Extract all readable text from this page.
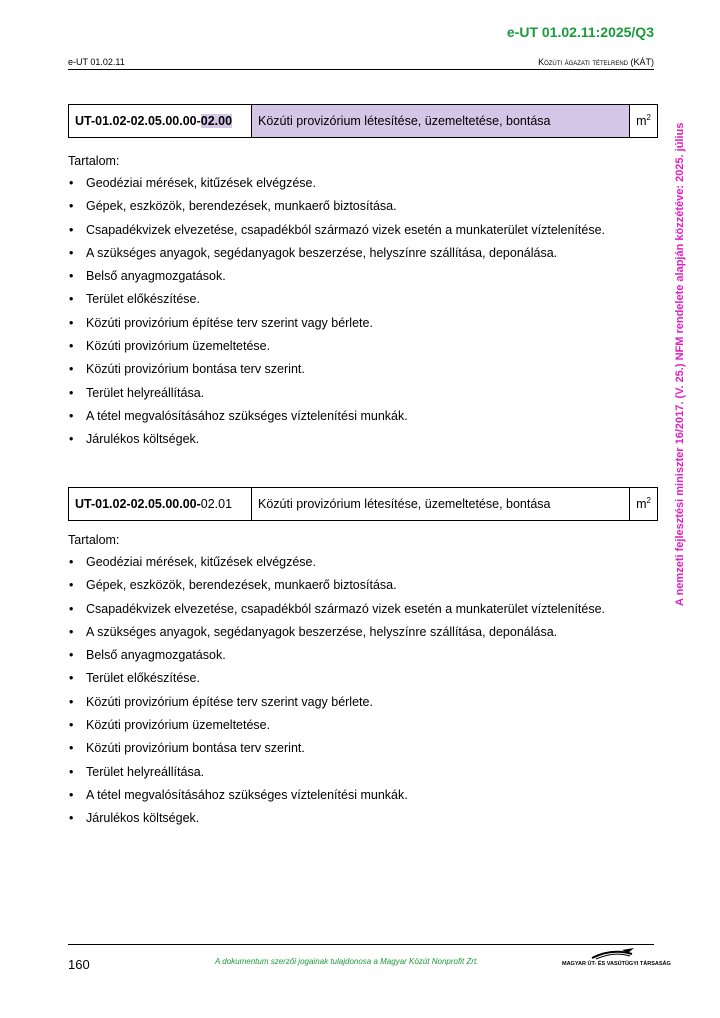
e-UT 01.02.11:2025/Q3
e-UT 01.02.11	Közúti ágazati tételrend (KÁT)
A nemzeti fejlesztési miniszter 16/2017. (V. 25.) NFM rendelete alapján közzétéve: 2025. július
UT-01.02-02.05.00.00-02.00	Közúti provizórium létesítése, üzemeltetése, bontása	$m^2$
Tartalom:
• Geodéziai mérések, kitűzések elvégzése.
• Gépek, eszközök, berendezések, munkaerő biztosítása.
• Csapadékvizek elvezetése, csapadékból származó vizek esetén a munkaterület víztelenítése.
• A szükséges anyagok, segédanyagok beszerzése, helyszínre szállítása, deponálása.
• Belső anyagmozgatások.
• Terület előkészítése.
• Közúti provizórium építése terv szerint vagy bérlete.
• Közúti provizórium üzemeltetése.
• Közúti provizórium bontása terv szerint.
• Terület helyreállítása.
• A tétel megvalósításához szükséges víztelenítési munkák.
• Járulékos költségek.
UT-01.02-02.05.00.00-02.01	Közúti provizórium létesítése, üzemeltetése, bontása	$m^2$
Tartalom:
• Geodéziai mérések, kitűzések elvégzése.
• Gépek, eszközök, berendezések, munkaerő biztosítása.
• Csapadékvizek elvezetése, csapadékból származó vizek esetén a munkaterület víztelenítése.
• A szükséges anyagok, segédanyagok beszerzése, helyszínre szállítása, deponálása.
• Belső anyagmozgatások.
• Terület előkészítése.
• Közúti provizórium építése terv szerint vagy bérlete.
• Közúti provizórium üzemeltetése.
• Közúti provizórium bontása terv szerint.
• Terület helyreállítása.
• A tétel megvalósításához szükséges víztelenítési munkák.
• Járulékos költségek.
160	A dokumentum szerzői jogainak tulajdonosa a Magyar Közút Nonprofit Zrt.	MAGYAR ÚT- ÉS VASÚTÜGYI TÁRSASÁG
